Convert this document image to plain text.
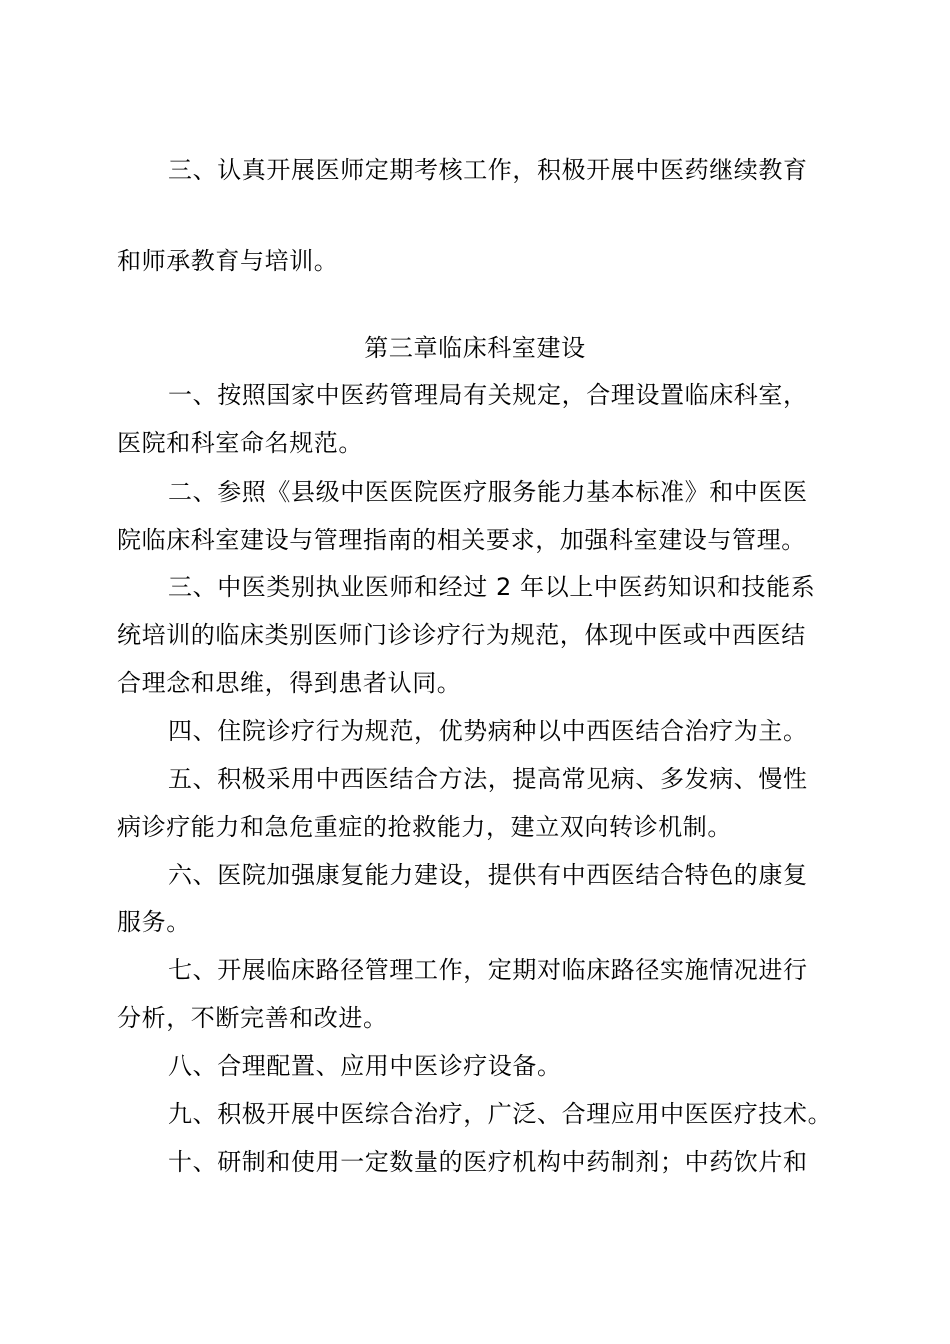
三、认真开展医师定期考核工作，积极开展中医药继续教育
和师承教育与培训。
第三章临床科室建设
一、按照国家中医药管理局有关规定，合理设置临床科室，
医院和科室命名规范。
二、参照《县级中医医院医疗服务能力基本标准》和中医医
院临床科室建设与管理指南的相关要求，加强科室建设与管理。
三、中医类别执业医师和经过 2 年以上中医药知识和技能系
统培训的临床类别医师门诊诊疗行为规范，体现中医或中西医结
合理念和思维，得到患者认同。
四、住院诊疗行为规范，优势病种以中西医结合治疗为主。
五、积极采用中西医结合方法，提高常见病、多发病、慢性
病诊疗能力和急危重症的抢救能力，建立双向转诊机制。
六、医院加强康复能力建设，提供有中西医结合特色的康复
服务。
七、开展临床路径管理工作，定期对临床路径实施情况进行
分析，不断完善和改进。
八、合理配置、应用中医诊疗设备。
九、积极开展中医综合治疗，广泛、合理应用中医医疗技术。
十、研制和使用一定数量的医疗机构中药制剂；中药饮片和
